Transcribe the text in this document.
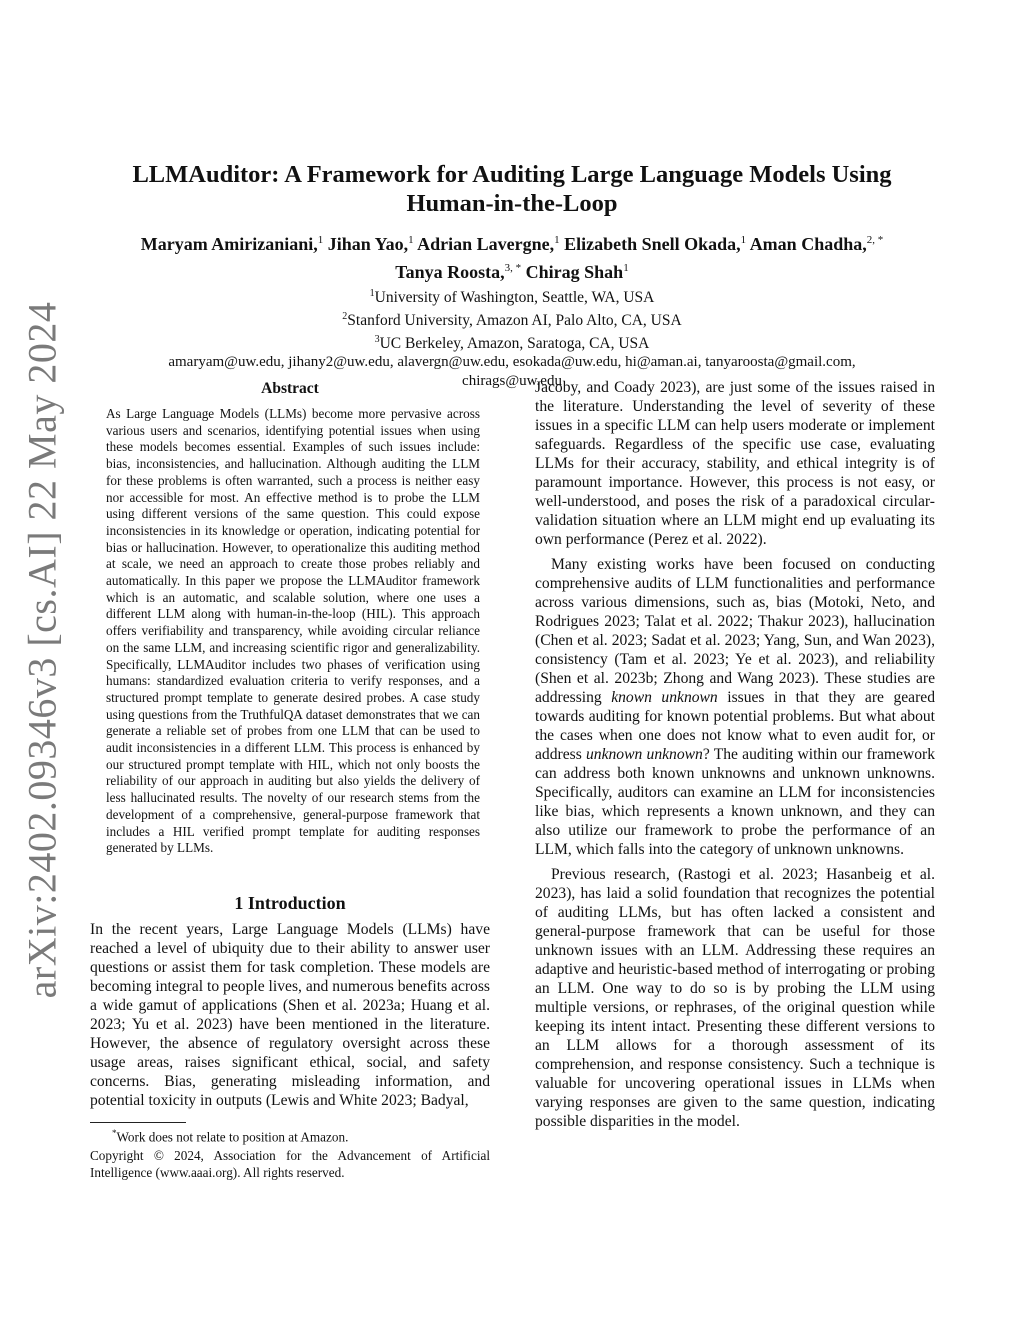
arXiv:2402.09346v3 [cs.AI] 22 May 2024
LLMAuditor: A Framework for Auditing Large Language Models Using
Human-in-the-Loop
Maryam Amirizaniani,$^1$ Jihan Yao,$^1$ Adrian Lavergne,$^1$ Elizabeth Snell Okada,$^1$ Aman Chadha,$^{2, *}$
Tanya Roosta,$^{3, *}$ Chirag Shah$^1$
$^1$University of Washington, Seattle, WA, USA
$^2$Stanford University, Amazon AI, Palo Alto, CA, USA
$^3$UC Berkeley, Amazon, Saratoga, CA, USA
amaryam@uw.edu, jihany2@uw.edu, alavergn@uw.edu, esokada@uw.edu, hi@aman.ai, tanyaroosta@gmail.com,
chirags@uw.edu
Abstract

As Large Language Models (LLMs) become more pervasive across various users and scenarios, identifying potential issues when using these models becomes essential. Examples of such issues include: bias, inconsistencies, and hallucination. Although auditing the LLM for these problems is often warranted, such a process is neither easy nor accessible for most. An effective method is to probe the LLM using different versions of the same question. This could expose inconsistencies in its knowledge or operation, indicating potential for bias or hallucination. However, to operationalize this auditing method at scale, we need an approach to create those probes reliably and automatically. In this paper we propose the LLMAuditor framework which is an automatic, and scalable solution, where one uses a different LLM along with human-in-the-loop (HIL). This approach offers verifiability and transparency, while avoiding circular reliance on the same LLM, and increasing scientific rigor and generalizability. Specifically, LLMAuditor includes two phases of verification using humans: standardized evaluation criteria to verify responses, and a structured prompt template to generate desired probes. A case study using questions from the TruthfulQA dataset demonstrates that we can generate a reliable set of probes from one LLM that can be used to audit inconsistencies in a different LLM. This process is enhanced by our structured prompt template with HIL, which not only boosts the reliability of our approach in auditing but also yields the delivery of less hallucinated results. The novelty of our research stems from the development of a comprehensive, general-purpose framework that includes a HIL verified prompt template for auditing responses generated by LLMs.

1 Introduction

In the recent years, Large Language Models (LLMs) have reached a level of ubiquity due to their ability to answer user questions or assist them for task completion. These models are becoming integral to people lives, and numerous benefits across a wide gamut of applications (Shen et al. 2023a; Huang et al. 2023; Yu et al. 2023) have been mentioned in the literature. However, the absence of regulatory oversight across these usage areas, raises significant ethical, social, and safety concerns. Bias, generating misleading information, and potential toxicity in outputs (Lewis and White 2023; Badyal,

Jacoby, and Coady 2023), are just some of the issues raised in the literature. Understanding the level of severity of these issues in a specific LLM can help users moderate or implement safeguards. Regardless of the specific use case, evaluating LLMs for their accuracy, stability, and ethical integrity is of paramount importance. However, this process is not easy, or well-understood, and poses the risk of a paradoxical circular-validation situation where an LLM might end up evaluating its own performance (Perez et al. 2022).

Many existing works have been focused on conducting comprehensive audits of LLM functionalities and performance across various dimensions, such as, bias (Motoki, Neto, and Rodrigues 2023; Talat et al. 2022; Thakur 2023), hallucination (Chen et al. 2023; Sadat et al. 2023; Yang, Sun, and Wan 2023), consistency (Tam et al. 2023; Ye et al. 2023), and reliability (Shen et al. 2023b; Zhong and Wang 2023). These studies are addressing known unknown issues in that they are geared towards auditing for known potential problems. But what about the cases when one does not know what to even audit for, or address unknown unknown? The auditing within our framework can address both known unknowns and unknown unknowns. Specifically, auditors can examine an LLM for inconsistencies like bias, which represents a known unknown, and they can also utilize our framework to probe the performance of an LLM, which falls into the category of unknown unknowns.

Previous research, (Rastogi et al. 2023; Hasanbeig et al. 2023), has laid a solid foundation that recognizes the potential of auditing LLMs, but has often lacked a consistent and general-purpose framework that can be useful for those unknown issues with an LLM. Addressing these requires an adaptive and heuristic-based method of interrogating or probing an LLM. One way to do so is by probing the LLM using multiple versions, or rephrases, of the original question while keeping its intent intact. Presenting these different versions to an LLM allows for a thorough assessment of its comprehension, and response consistency. Such a technique is valuable for uncovering operational issues in LLMs when varying responses are given to the same question, indicating possible disparities in the model.

*Work does not relate to position at Amazon.
Copyright © 2024, Association for the Advancement of Artificial Intelligence (www.aaai.org). All rights reserved.
